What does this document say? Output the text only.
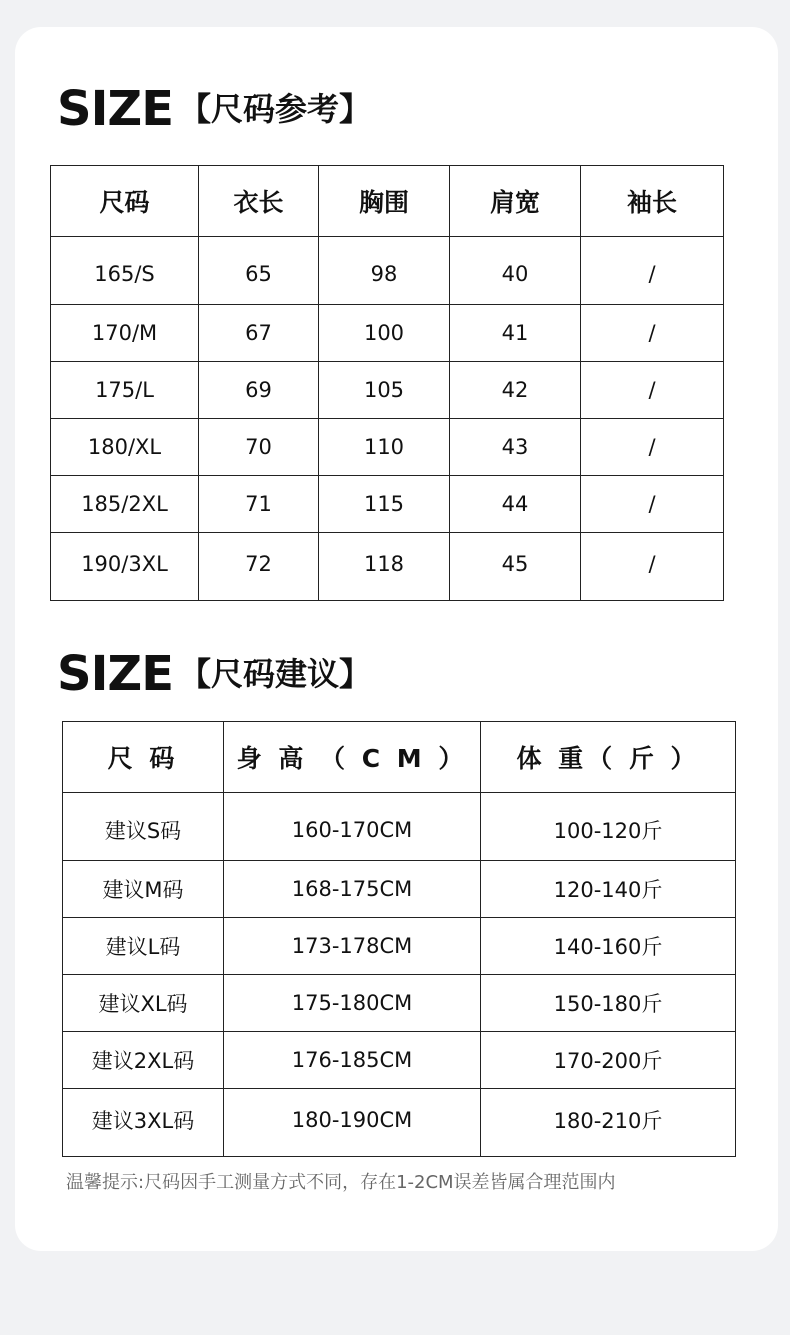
SIZE 【尺码参考】
尺码	衣长	胸围	肩宽	袖长
165/S	65	98	40	/
170/M	67	100	41	/
175/L	69	105	42	/
180/XL	70	110	43	/
185/2XL	71	115	44	/
190/3XL	72	118	45	/
SIZE 【尺码建议】
尺 码	身 高 （ C M ）	体 重（ 斤 ）
建议S码	160-170CM	100-120斤
建议M码	168-175CM	120-140斤
建议L码	173-178CM	140-160斤
建议XL码	175-180CM	150-180斤
建议2XL码	176-185CM	170-200斤
建议3XL码	180-190CM	180-210斤
温馨提示:尺码因手工测量方式不同，存在1-2CM误差皆属合理范围内
